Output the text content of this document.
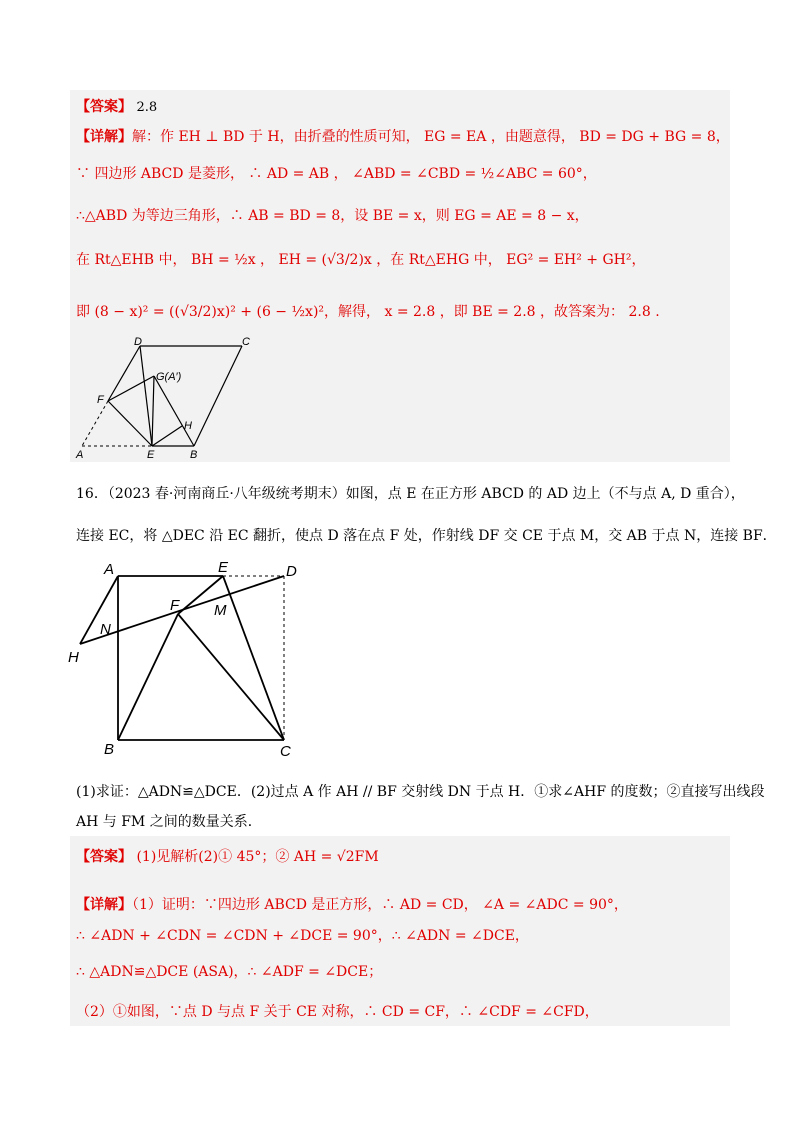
【答案】 2.8
【详解】解：作 EH ⊥ BD 于 H，由折叠的性质可知， EG = EA ，由题意得， BD = DG + BG = 8，
∵ 四边形 ABCD 是菱形， ∴ AD = AB ， ∠ABD = ∠CBD = ½∠ABC = 60°，
∴△ABD 为等边三角形，∴ AB = BD = 8，设 BE = x，则 EG = AE = 8 − x，
在 Rt△EHB 中， BH = ½x ， EH = (√3/2)x ，在 Rt△EHG 中， EG² = EH² + GH²，
即 (8 − x)² = ((√3/2)x)² + (6 − ½x)²，解得， x = 2.8 ，即 BE = 2.8 ，故答案为： 2.8 .
D	C
G(A′)
F
H
A	E	B
16．（2023 春·河南商丘·八年级统考期末）如图，点 E 在正方形 ABCD 的 AD 边上（不与点 A, D 重合），
连接 EC，将 △DEC 沿 EC 翻折，使点 D 落在点 F 处，作射线 DF 交 CE 于点 M，交 AB 于点 N，连接 BF．
A	E	D
F M
N
H
B	C
(1)求证：△ADN≌△DCE．(2)过点 A 作 AH // BF 交射线 DN 于点 H．①求∠AHF 的度数；②直接写出线段
AH 与 FM 之间的数量关系．
【答案】 (1)见解析(2)① 45°；② AH = √2FM
【详解】（1）证明：∵四边形 ABCD 是正方形，∴ AD = CD， ∠A = ∠ADC = 90°，
∴ ∠ADN + ∠CDN = ∠CDN + ∠DCE = 90°，∴ ∠ADN = ∠DCE，
∴ △ADN≌△DCE (ASA)，∴ ∠ADF = ∠DCE；
（2）①如图，∵点 D 与点 F 关于 CE 对称，∴ CD = CF，∴ ∠CDF = ∠CFD，
